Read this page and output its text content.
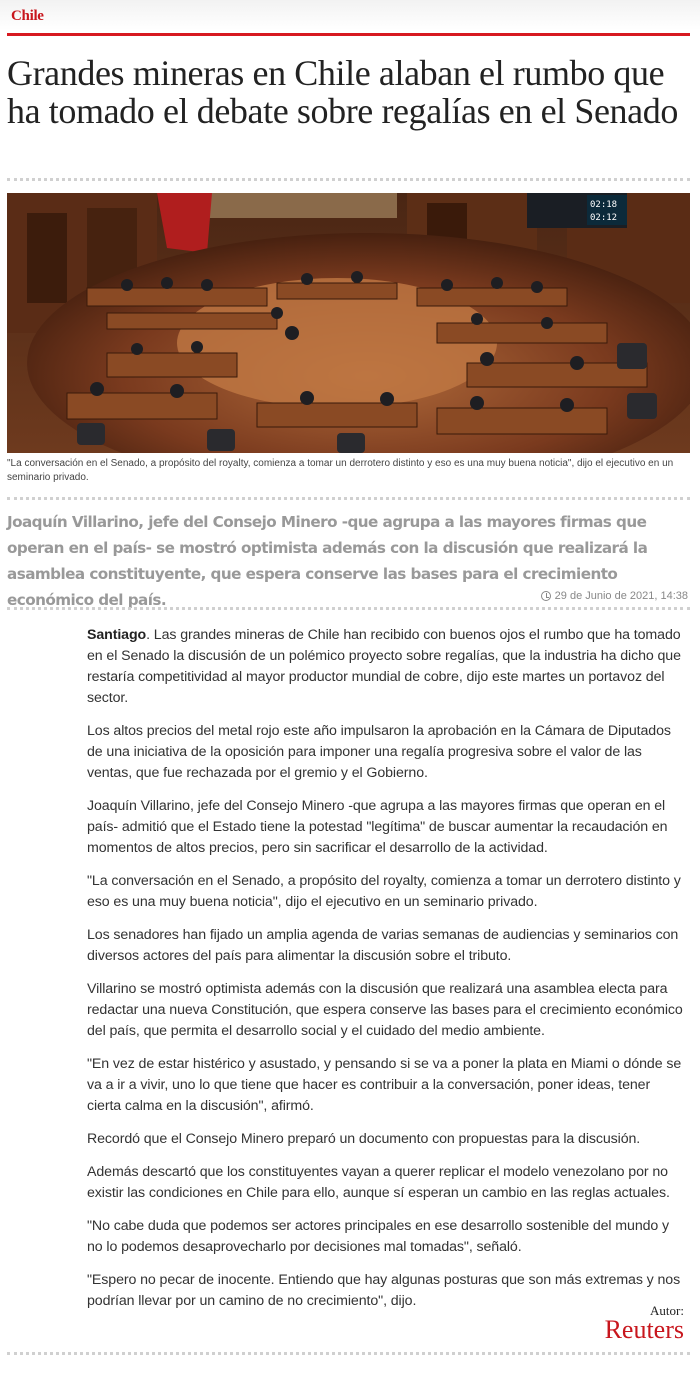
Chile
Grandes mineras en Chile alaban el rumbo que ha tomado el debate sobre regalías en el Senado
02:18
02:12

"La conversación en el Senado, a propósito del royalty, comienza a tomar un derrotero distinto y eso es una muy buena noticia", dijo el ejecutivo en un seminario privado.

Joaquín Villarino, jefe del Consejo Minero -que agrupa a las mayores firmas que operan en el país- se mostró optimista además con la discusión que realizará la asamblea constituyente, que espera conserve las bases para el crecimiento económico del país.	29 de Junio de 2021, 14:38

Santiago. Las grandes mineras de Chile han recibido con buenos ojos el rumbo que ha tomado en el Senado la discusión de un polémico proyecto sobre regalías, que la industria ha dicho que restaría competitividad al mayor productor mundial de cobre, dijo este martes un portavoz del sector.

Los altos precios del metal rojo este año impulsaron la aprobación en la Cámara de Diputados de una iniciativa de la oposición para imponer una regalía progresiva sobre el valor de las ventas, que fue rechazada por el gremio y el Gobierno.

Joaquín Villarino, jefe del Consejo Minero -que agrupa a las mayores firmas que operan en el país- admitió que el Estado tiene la potestad "legítima" de buscar aumentar la recaudación en momentos de altos precios, pero sin sacrificar el desarrollo de la actividad.

"La conversación en el Senado, a propósito del royalty, comienza a tomar un derrotero distinto y eso es una muy buena noticia", dijo el ejecutivo en un seminario privado.

Los senadores han fijado un amplia agenda de varias semanas de audiencias y seminarios con diversos actores del país para alimentar la discusión sobre el tributo.

Villarino se mostró optimista además con la discusión que realizará una asamblea electa para redactar una nueva Constitución, que espera conserve las bases para el crecimiento económico del país, que permita el desarrollo social y el cuidado del medio ambiente.

"En vez de estar histérico y asustado, y pensando si se va a poner la plata en Miami o dónde se va a ir a vivir, uno lo que tiene que hacer es contribuir a la conversación, poner ideas, tener cierta calma en la discusión", afirmó.

Recordó que el Consejo Minero preparó un documento con propuestas para la discusión.

Además descartó que los constituyentes vayan a querer replicar el modelo venezolano por no existir las condiciones en Chile para ello, aunque sí esperan un cambio en las reglas actuales.

"No cabe duda que podemos ser actores principales en ese desarrollo sostenible del mundo y no lo podemos desaprovecharlo por decisiones mal tomadas", señaló.

"Espero no pecar de inocente. Entiendo que hay algunas posturas que son más extremas y nos podrían llevar por un camino de no crecimiento", dijo.

Autor:
Reuters
